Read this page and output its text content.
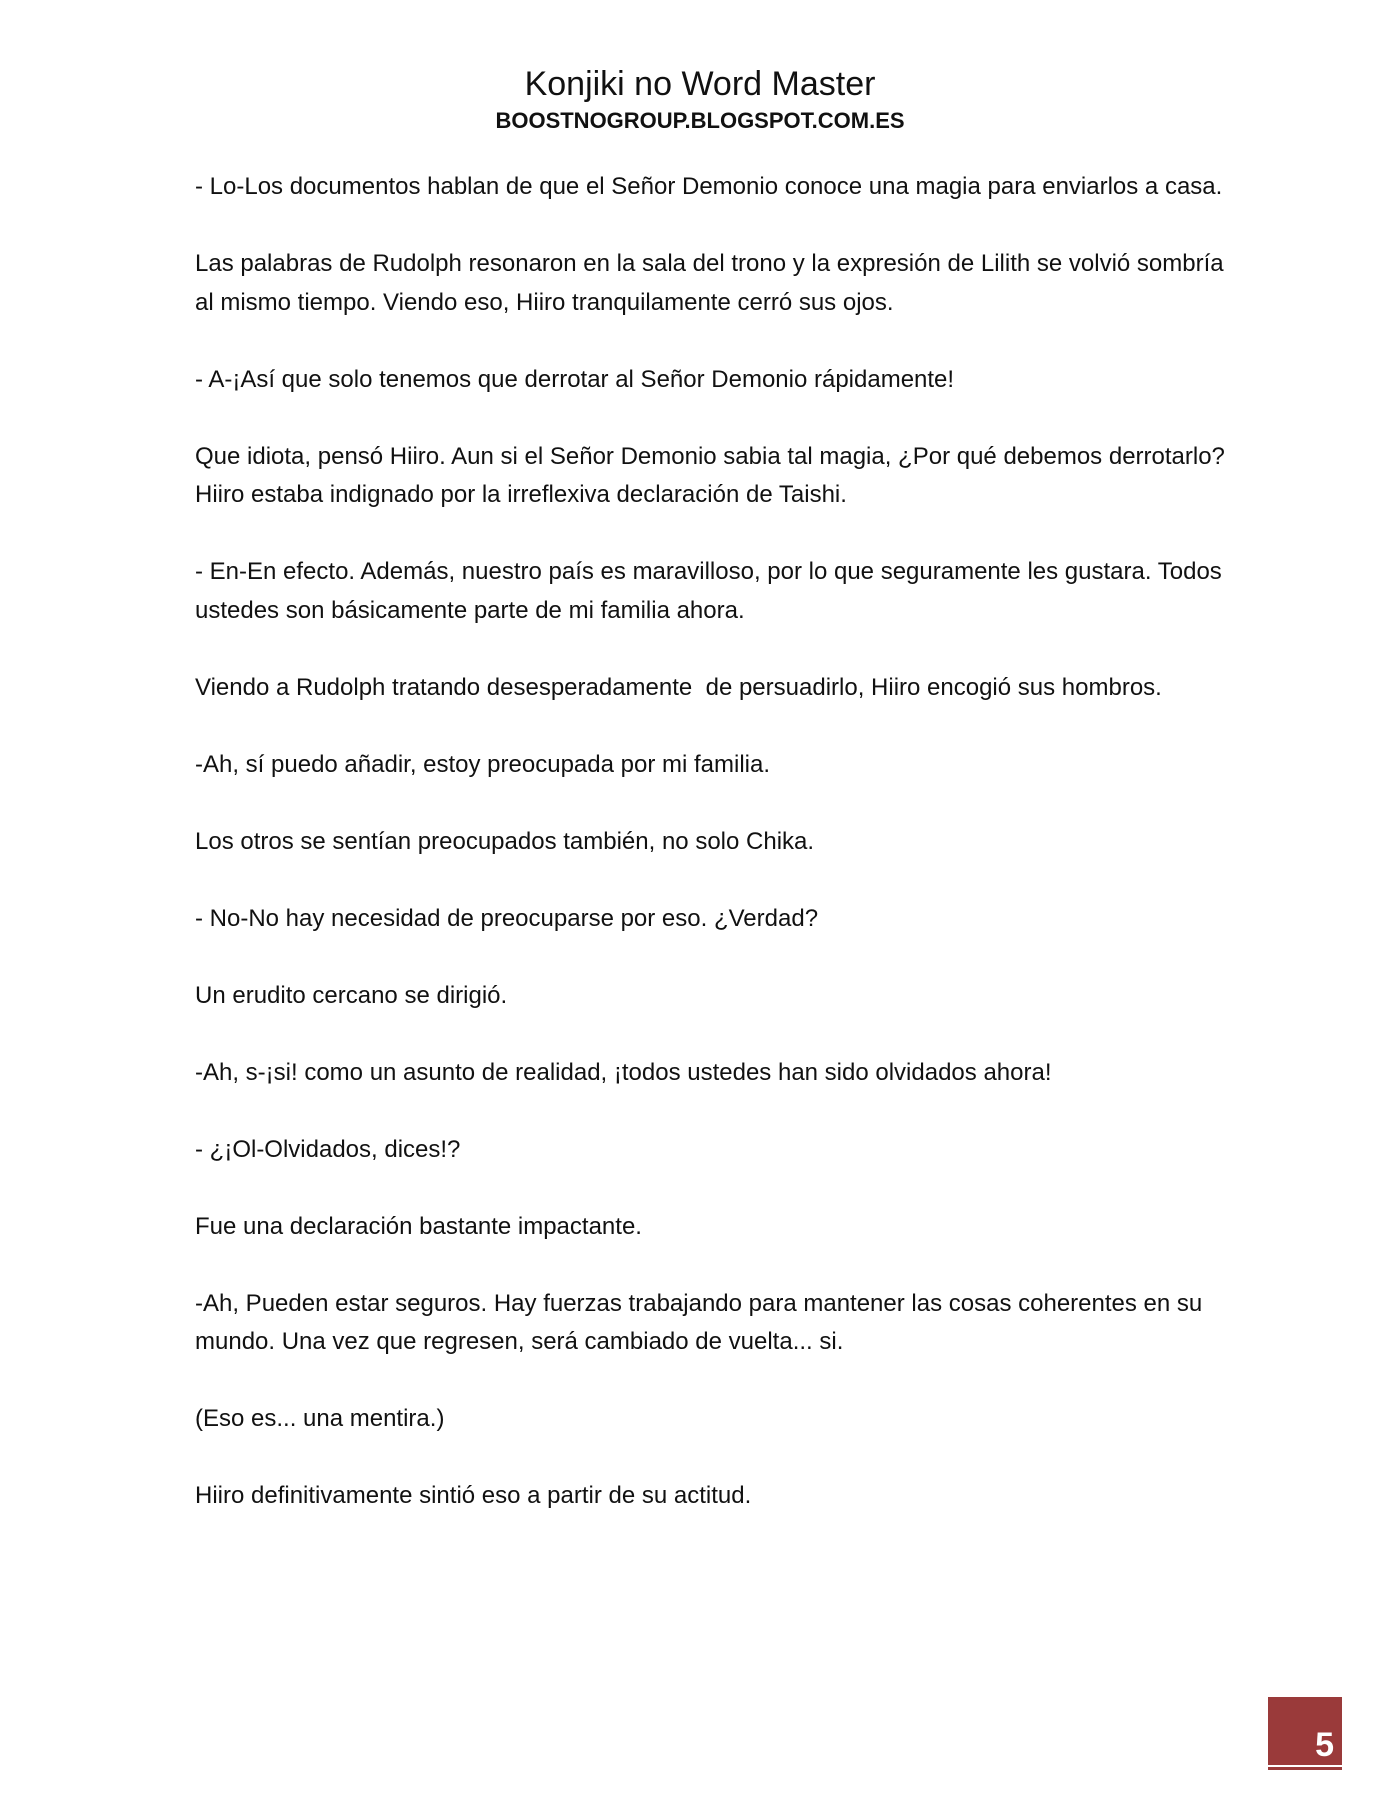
Konjiki no Word Master
BOOSTNOGROUP.BLOGSPOT.COM.ES

- Lo-Los documentos hablan de que el Señor Demonio conoce una magia para enviarlos a casa.

Las palabras de Rudolph resonaron en la sala del trono y la expresión de Lilith se volvió sombría al mismo tiempo. Viendo eso, Hiiro tranquilamente cerró sus ojos.

- A-¡Así que solo tenemos que derrotar al Señor Demonio rápidamente!

Que idiota, pensó Hiiro. Aun si el Señor Demonio sabia tal magia, ¿Por qué debemos derrotarlo? Hiiro estaba indignado por la irreflexiva declaración de Taishi.

- En-En efecto. Además, nuestro país es maravilloso, por lo que seguramente les gustara. Todos ustedes son básicamente parte de mi familia ahora.

Viendo a Rudolph tratando desesperadamente  de persuadirlo, Hiiro encogió sus hombros.

-Ah, sí puedo añadir, estoy preocupada por mi familia.

Los otros se sentían preocupados también, no solo Chika.

- No-No hay necesidad de preocuparse por eso. ¿Verdad?

Un erudito cercano se dirigió.

-Ah, s-¡si! como un asunto de realidad, ¡todos ustedes han sido olvidados ahora!

- ¿¡Ol-Olvidados, dices!?

Fue una declaración bastante impactante.

-Ah, Pueden estar seguros. Hay fuerzas trabajando para mantener las cosas coherentes en su mundo. Una vez que regresen, será cambiado de vuelta... si.

(Eso es... una mentira.)

Hiiro definitivamente sintió eso a partir de su actitud.

5
